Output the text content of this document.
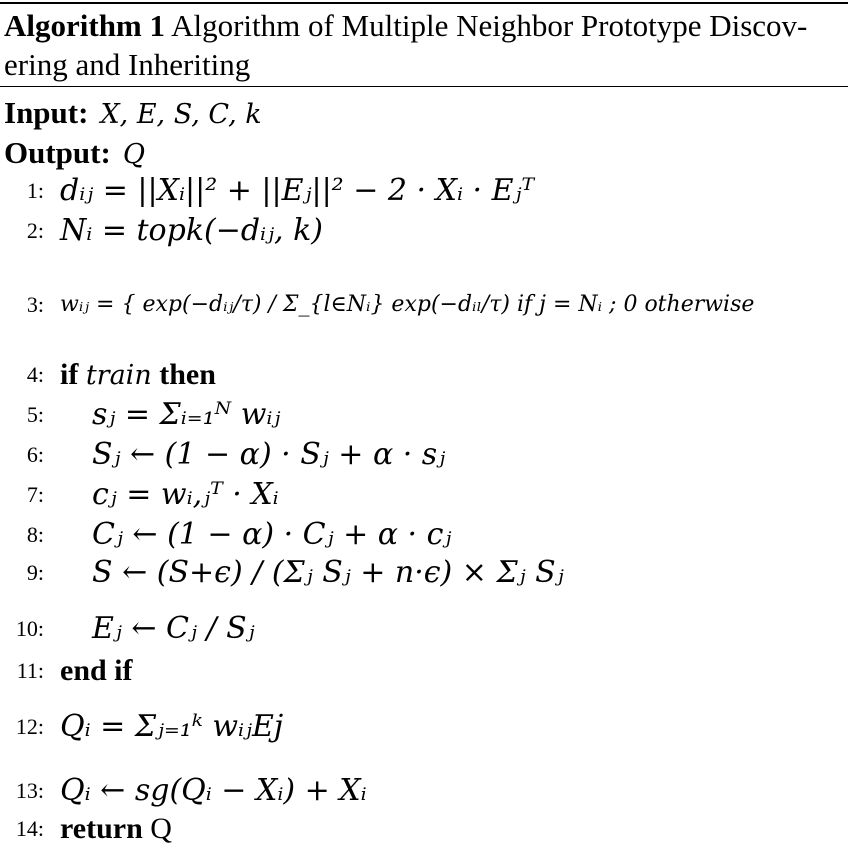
Algorithm 1 Algorithm of Multiple Neighbor Prototype Discov-
ering and Inheriting
Input: X, E, S, C, k
Output: Q
1: dᵢⱼ = ||Xᵢ||² + ||Eⱼ||² − 2 · Xᵢ · Eⱼᵀ
2: Nᵢ = topk(−dᵢⱼ, k)
3: wᵢⱼ = { exp(−dᵢⱼ/τ) / Σ_{l∈Nᵢ} exp(−dᵢₗ/τ) if j = Nᵢ ; 0 otherwise
4: if train then
5: sⱼ = Σᵢ₌₁ᴺ wᵢⱼ
6: Sⱼ ← (1 − α) · Sⱼ + α · sⱼ
7: cⱼ = wᵢ,ⱼᵀ · Xᵢ
8: Cⱼ ← (1 − α) · Cⱼ + α · cⱼ
9: S ← (S+ϵ) / (Σⱼ Sⱼ + n·ϵ) × Σⱼ Sⱼ
10: Eⱼ ← Cⱼ / Sⱼ
11: end if
12: Qᵢ = Σⱼ₌₁ᵏ wᵢⱼEj
13: Qᵢ ← sg(Qᵢ − Xᵢ) + Xᵢ
14: return Q
